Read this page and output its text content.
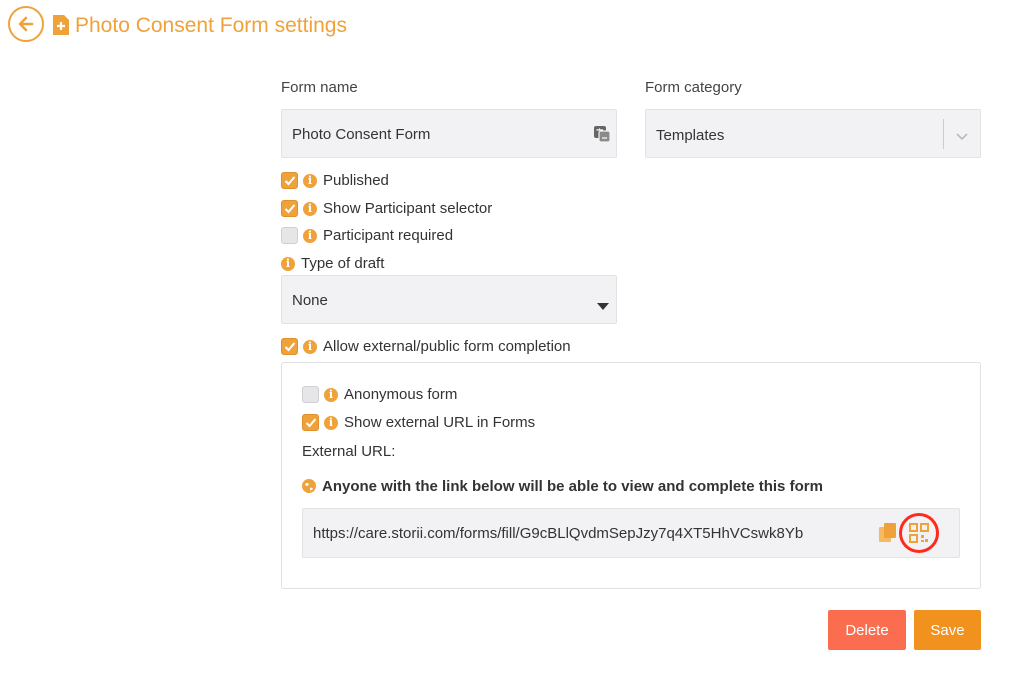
Photo Consent Form settings
Form name
Photo Consent Form
Form category
Templates
i Published
i Show Participant selector
i Participant required
i Type of draft
None
i Allow external/public form completion
i Anonymous form
i Show external URL in Forms
External URL:
Anyone with the link below will be able to view and complete this form
https://care.storii.com/forms/fill/G9cBLlQvdmSepJzy7q4XT5HhVCswk8Yb
Delete	Save
